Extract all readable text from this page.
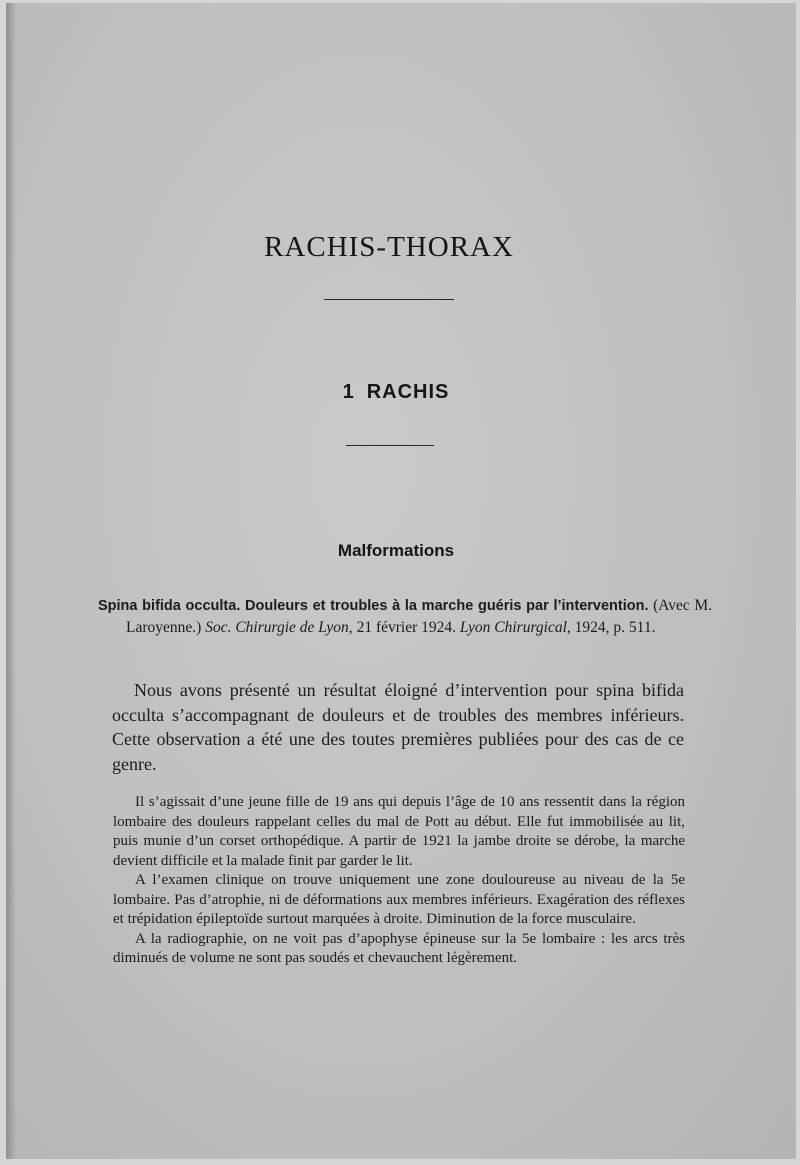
RACHIS-THORAX
1 RACHIS
Malformations
Spina bifida occulta. Douleurs et troubles à la marche guéris par l’intervention. (Avec M. Laroyenne.) Soc. Chirurgie de Lyon, 21 février 1924. Lyon Chirurgical, 1924, p. 511.

Nous avons présenté un résultat éloigné d’intervention pour spina bifida occulta s’accompagnant de douleurs et de troubles des membres inférieurs. Cette observation a été une des toutes premières publiées pour des cas de ce genre.

Il s’agissait d’une jeune fille de 19 ans qui depuis l’âge de 10 ans ressentit dans la région lombaire des douleurs rappelant celles du mal de Pott au début. Elle fut immobilisée au lit, puis munie d’un corset orthopédique. A partir de 1921 la jambe droite se dérobe, la marche devient difficile et la malade finit par garder le lit.

A l’examen clinique on trouve uniquement une zone douloureuse au niveau de la 5e lombaire. Pas d’atrophie, ni de déformations aux membres inférieurs. Exagération des réflexes et trépidation épileptoïde surtout marquées à droite. Diminution de la force musculaire.

A la radiographie, on ne voit pas d’apophyse épineuse sur la 5e lombaire : les arcs très diminués de volume ne sont pas soudés et chevauchent légèrement.
